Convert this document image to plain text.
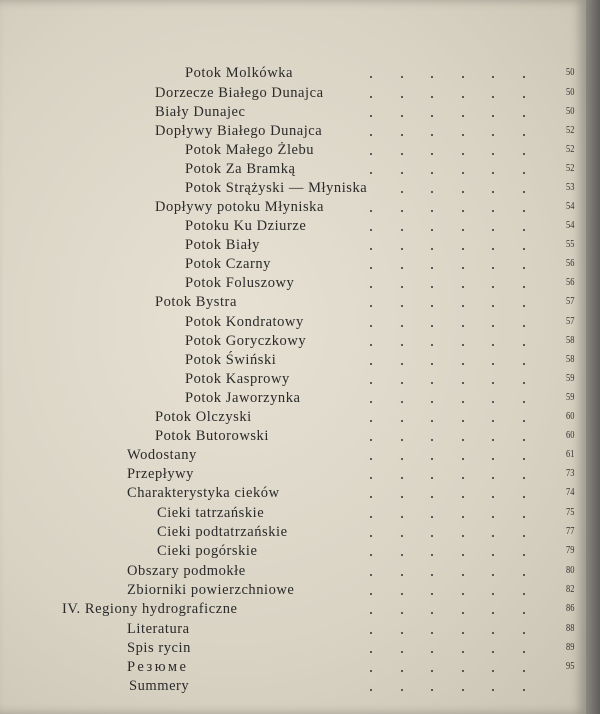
Potok Molkówka	50
Dorzecze Białego Dunajca	50
Biały Dunajec	50
Dopływy Białego Dunajca	52
Potok Małego Żlebu	52
Potok Za Bramką	52
Potok Strążyski — Młyniska	53
Dopływy potoku Młyniska	54
Potoku Ku Dziurze	54
Potok Biały	55
Potok Czarny	56
Potok Foluszowy	56
Potok Bystra	57
Potok Kondratowy	57
Potok Goryczkowy	58
Potok Świński	58
Potok Kasprowy	59
Potok Jaworzynka	59
Potok Olczyski	60
Potok Butorowski	60
Wodostany	61
Przepływy	73
Charakterystyka cieków	74
Cieki tatrzańskie	75
Cieki podtatrzańskie	77
Cieki pogórskie	79
Obszary podmokłe	80
Zbiorniki powierzchniowe	82
IV. Regiony hydrograficzne	86
Literatura	88
Spis rycin	89
Резюме	95
Summery
